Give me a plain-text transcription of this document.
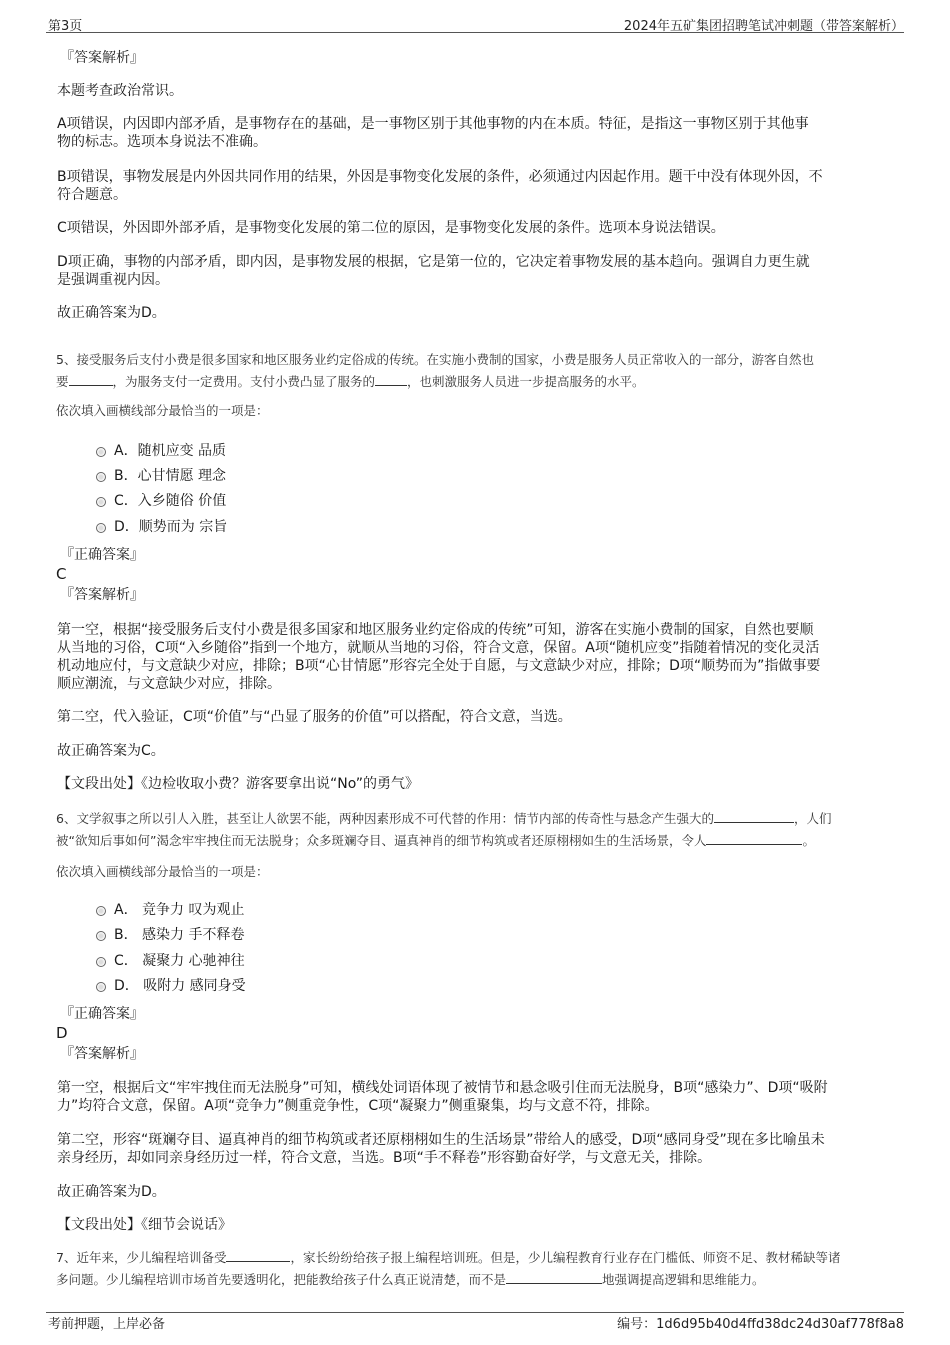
第3页	2024年五矿集团招聘笔试冲刺题（带答案解析）
『答案解析』
本题考查政治常识。
A项错误，内因即内部矛盾，是事物存在的基础，是一事物区别于其他事物的内在本质。特征，是指这一事物区别于其他事
物的标志。选项本身说法不准确。
B项错误，事物发展是内外因共同作用的结果，外因是事物变化发展的条件，必须通过内因起作用。题干中没有体现外因，不
符合题意。
C项错误，外因即外部矛盾，是事物变化发展的第二位的原因，是事物变化发展的条件。选项本身说法错误。
D项正确，事物的内部矛盾，即内因，是事物发展的根据，它是第一位的，它决定着事物发展的基本趋向。强调自力更生就
是强调重视内因。
故正确答案为D。
5、接受服务后支付小费是很多国家和地区服务业约定俗成的传统。在实施小费制的国家，小费是服务人员正常收入的一部分，游客自然也
要	，为服务支付一定费用。支付小费凸显了服务的	，也刺激服务人员进一步提高服务的水平。
依次填入画横线部分最恰当的一项是：
A．随机应变 品质
B．心甘情愿 理念
C．入乡随俗 价值
D．顺势而为 宗旨
『正确答案』
C
『答案解析』
第一空，根据“接受服务后支付小费是很多国家和地区服务业约定俗成的传统”可知，游客在实施小费制的国家，自然也要顺
从当地的习俗，C项“入乡随俗”指到一个地方，就顺从当地的习俗，符合文意，保留。A项“随机应变”指随着情况的变化灵活
机动地应付，与文意缺少对应，排除；B项“心甘情愿”形容完全处于自愿，与文意缺少对应，排除；D项“顺势而为”指做事要
顺应潮流，与文意缺少对应，排除。
第二空，代入验证，C项“价值”与“凸显了服务的价值”可以搭配，符合文意，当选。
故正确答案为C。
【文段出处】《边检收取小费？游客要拿出说“No”的勇气》
6、文学叙事之所以引人入胜，甚至让人欲罢不能，两种因素形成不可代替的作用：情节内部的传奇性与悬念产生强大的	，人们
被“欲知后事如何”渴念牢牢拽住而无法脱身；众多斑斓夺目、逼真神肖的细节构筑或者还原栩栩如生的生活场景，令人	。
依次填入画横线部分最恰当的一项是：
A． 竞争力 叹为观止
B． 感染力 手不释卷
C． 凝聚力 心驰神往
D． 吸附力 感同身受
『正确答案』
D
『答案解析』
第一空，根据后文“牢牢拽住而无法脱身”可知，横线处词语体现了被情节和悬念吸引住而无法脱身，B项“感染力”、D项“吸附
力”均符合文意，保留。A项“竞争力”侧重竞争性，C项“凝聚力”侧重聚集，均与文意不符，排除。
第二空，形容“斑斓夺目、逼真神肖的细节构筑或者还原栩栩如生的生活场景”带给人的感受，D项“感同身受”现在多比喻虽未
亲身经历，却如同亲身经历过一样，符合文意，当选。B项“手不释卷”形容勤奋好学，与文意无关，排除。
故正确答案为D。
【文段出处】《细节会说话》
7、近年来，少儿编程培训备受	，家长纷纷给孩子报上编程培训班。但是，少儿编程教育行业存在门槛低、师资不足、教材稀缺等诸
多问题。少儿编程培训市场首先要透明化，把能教给孩子什么真正说清楚，而不是	地强调提高逻辑和思维能力。
考前押题，上岸必备	编号：1d6d95b40d4ffd38dc24d30af778f8a8
